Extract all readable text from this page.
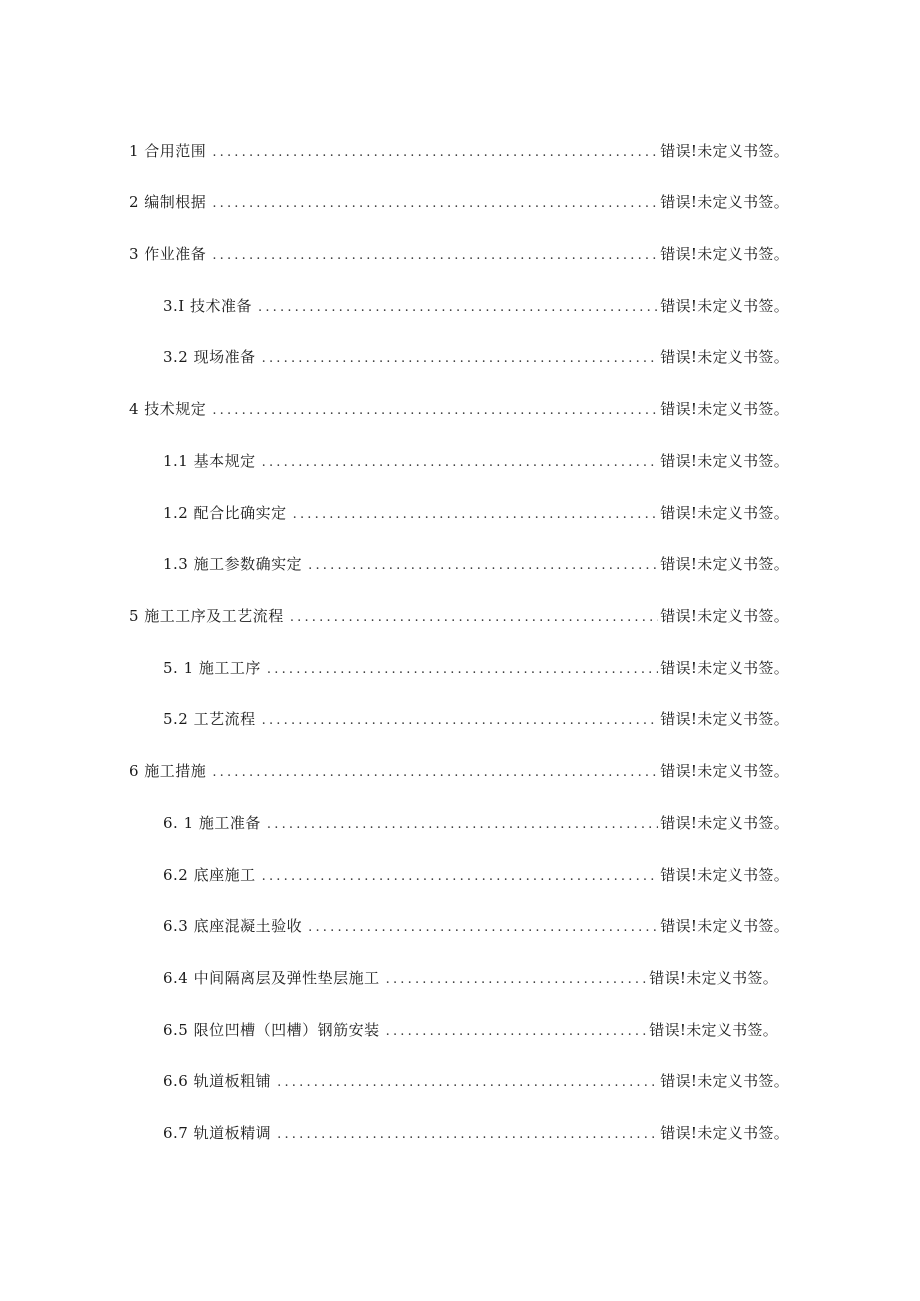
1 合用范围 .....	错误!未定义书签。
2 编制根据 .....	错误!未定义书签。
3 作业准备 .....	错误!未定义书签。
3.I 技术准备 .....	错误!未定义书签。
3.2 现场准备 .....	错误!未定义书签。
4 技术规定 .....	错误!未定义书签。
1.1 基本规定 .....	错误!未定义书签。
1.2 配合比确实定 .....	错误!未定义书签。
1.3 施工参数确实定 .....	错误!未定义书签。
5 施工工序及工艺流程 .....	错误!未定义书签。
5. 1 施工工序 .....	错误!未定义书签。
5.2 工艺流程 .....	错误!未定义书签。
6 施工措施 .....	错误!未定义书签。
6. 1 施工准备 .....	错误!未定义书签。
6.2 底座施工 .....	错误!未定义书签。
6.3 底座混凝土验收 .....	错误!未定义书签。
6.4 中间隔离层及弹性垫层施工 .....	错误!未定义书签。
6.5 限位凹槽（凹槽）钢筋安装 .....	错误!未定义书签。
6.6 轨道板粗铺 .....	错误!未定义书签。
6.7 轨道板精调 .....	错误!未定义书签。
